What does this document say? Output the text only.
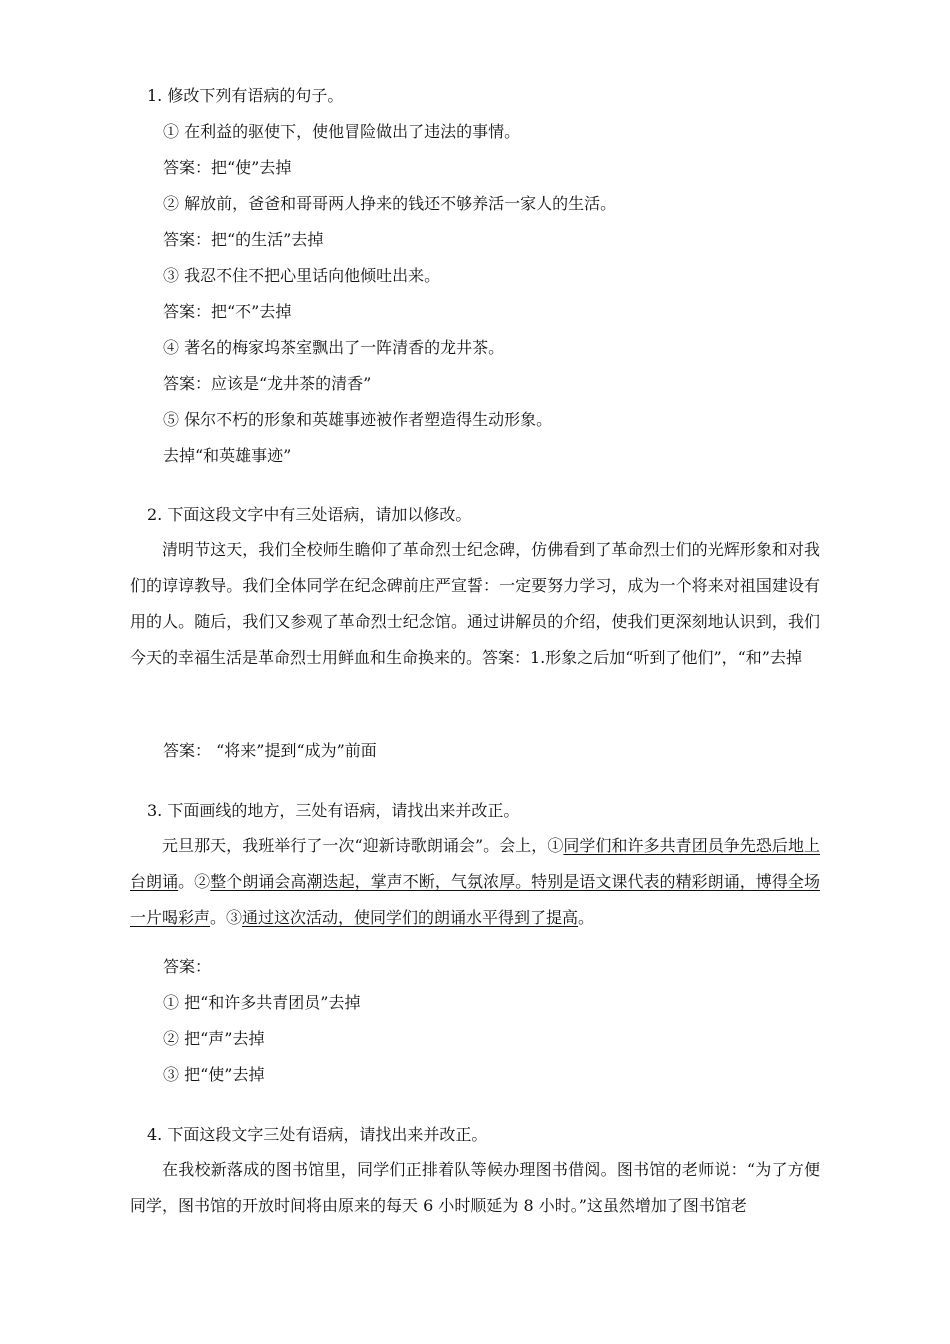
1. 修改下列有语病的句子。
① 在利益的驱使下，使他冒险做出了违法的事情。
答案：把“使”去掉
② 解放前，爸爸和哥哥两人挣来的钱还不够养活一家人的生活。
答案：把“的生活”去掉
③ 我忍不住不把心里话向他倾吐出来。
答案：把“不”去掉
④ 著名的梅家坞茶室飘出了一阵清香的龙井茶。
答案：应该是“龙井茶的清香”
⑤ 保尔不朽的形象和英雄事迹被作者塑造得生动形象。
去掉“和英雄事迹”
2. 下面这段文字中有三处语病，请加以修改。
清明节这天，我们全校师生瞻仰了革命烈士纪念碑，仿佛看到了革命烈士们的光辉形象和对我们的谆谆教导。我们全体同学在纪念碑前庄严宣誓：一定要努力学习，成为一个将来对祖国建设有用的人。随后，我们又参观了革命烈士纪念馆。通过讲解员的介绍，使我们更深刻地认识到，我们今天的幸福生活是革命烈士用鲜血和生命换来的。答案：1.形象之后加“听到了他们”，“和”去掉
答案： “将来”提到“成为”前面
3. 下面画线的地方，三处有语病，请找出来并改正。
元旦那天，我班举行了一次“迎新诗歌朗诵会”。会上，①同学们和许多共青团员争先恐后地上台朗诵。②整个朗诵会高潮迭起，掌声不断，气氛浓厚。特别是语文课代表的精彩朗诵，博得全场一片喝彩声。③通过这次活动，使同学们的朗诵水平得到了提高。
答案：
① 把“和许多共青团员”去掉
② 把“声”去掉
③ 把“使”去掉
4. 下面这段文字三处有语病，请找出来并改正。
在我校新落成的图书馆里，同学们正排着队等候办理图书借阅。图书馆的老师说：“为了方便同学，图书馆的开放时间将由原来的每天 6 小时顺延为 8 小时。”这虽然增加了图书馆老
